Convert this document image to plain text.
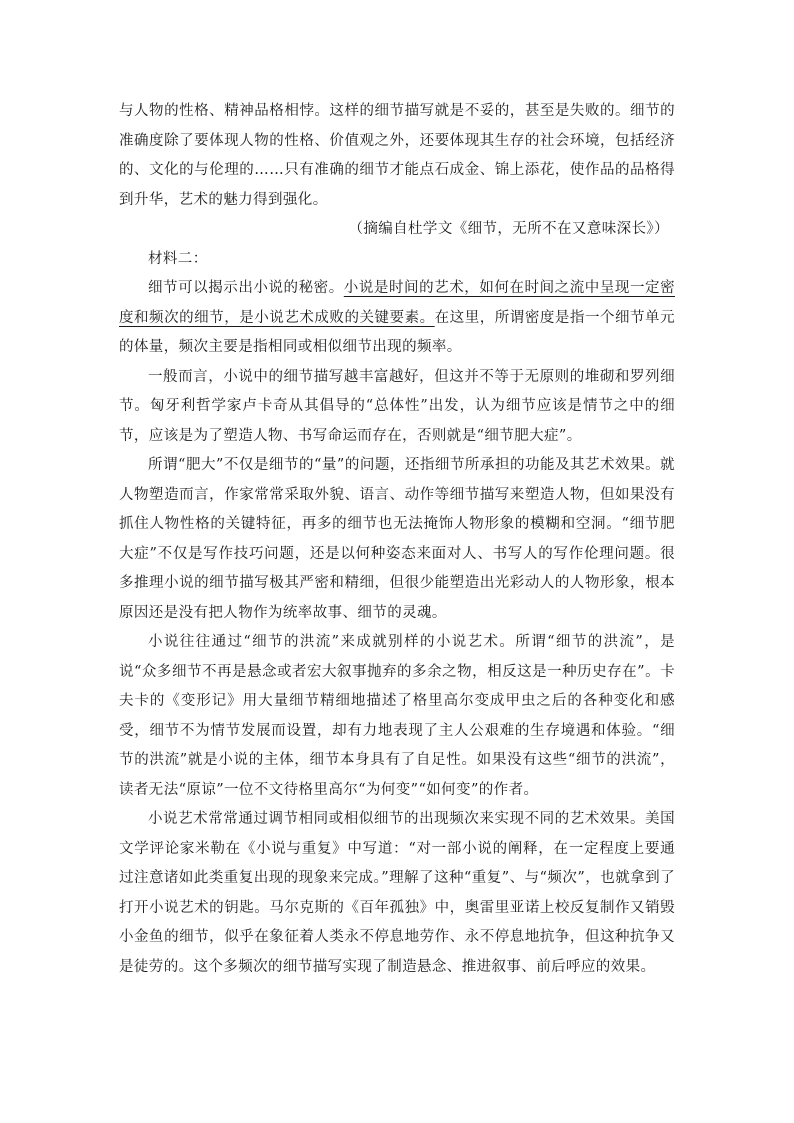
与人物的性格、精神品格相悖。这样的细节描写就是不妥的，甚至是失败的。细节的准确度除了要体现人物的性格、价值观之外，还要体现其生存的社会环境，包括经济的、文化的与伦理的……只有准确的细节才能点石成金、锦上添花，使作品的品格得到升华，艺术的魅力得到强化。

（摘编自杜学文《细节，无所不在又意味深长》）

材料二：

细节可以揭示出小说的秘密。小说是时间的艺术，如何在时间之流中呈现一定密度和频次的细节，是小说艺术成败的关键要素。在这里，所谓密度是指一个细节单元的体量，频次主要是指相同或相似细节出现的频率。

一般而言，小说中的细节描写越丰富越好，但这并不等于无原则的堆砌和罗列细节。匈牙利哲学家卢卡奇从其倡导的“总体性”出发，认为细节应该是情节之中的细节，应该是为了塑造人物、书写命运而存在，否则就是“细节肥大症”。

所谓“肥大”不仅是细节的“量”的问题，还指细节所承担的功能及其艺术效果。就人物塑造而言，作家常常采取外貌、语言、动作等细节描写来塑造人物，但如果没有抓住人物性格的关键特征，再多的细节也无法掩饰人物形象的模糊和空洞。“细节肥大症”不仅是写作技巧问题，还是以何种姿态来面对人、书写人的写作伦理问题。很多推理小说的细节描写极其严密和精细，但很少能塑造出光彩动人的人物形象，根本原因还是没有把人物作为统率故事、细节的灵魂。

小说往往通过“细节的洪流”来成就别样的小说艺术。所谓“细节的洪流”，是说“众多细节不再是悬念或者宏大叙事抛弃的多余之物，相反这是一种历史存在”。卡夫卡的《变形记》用大量细节精细地描述了格里高尔变成甲虫之后的各种变化和感受，细节不为情节发展而设置，却有力地表现了主人公艰难的生存境遇和体验。“细节的洪流”就是小说的主体，细节本身具有了自足性。如果没有这些“细节的洪流”，读者无法“原谅”一位不文待格里高尔“为何变”“如何变”的作者。

小说艺术常常通过调节相同或相似细节的出现频次来实现不同的艺术效果。美国文学评论家米勒在《小说与重复》中写道：“对一部小说的阐释，在一定程度上要通过注意诸如此类重复出现的现象来完成。”理解了这种“重复”、与“频次”，也就拿到了打开小说艺术的钥匙。马尔克斯的《百年孤独》中，奥雷里亚诺上校反复制作又销毁小金鱼的细节，似乎在象征着人类永不停息地劳作、永不停息地抗争，但这种抗争又是徒劳的。这个多频次的细节描写实现了制造悬念、推进叙事、前后呼应的效果。
